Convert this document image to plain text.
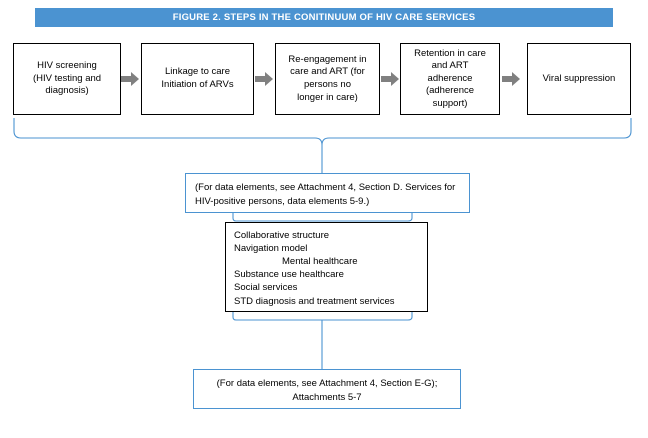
FIGURE 2. STEPS IN THE CONITINUUM OF HIV CARE SERVICES
HIV screening
(HIV testing and
diagnosis)
Linkage to care
Initiation of ARVs
Re-engagement in
care and ART (for
persons no
longer in care)
Retention in care
and ART
adherence
(adherence
support)
Viral suppression
(For data elements, see Attachment 4, Section D. Services for
HIV-positive persons, data elements 5-9.)
Collaborative structure
Navigation model
Mental healthcare
Substance use healthcare
Social services
STD diagnosis and treatment services
(For data elements, see Attachment 4, Section E-G);
Attachments 5-7
